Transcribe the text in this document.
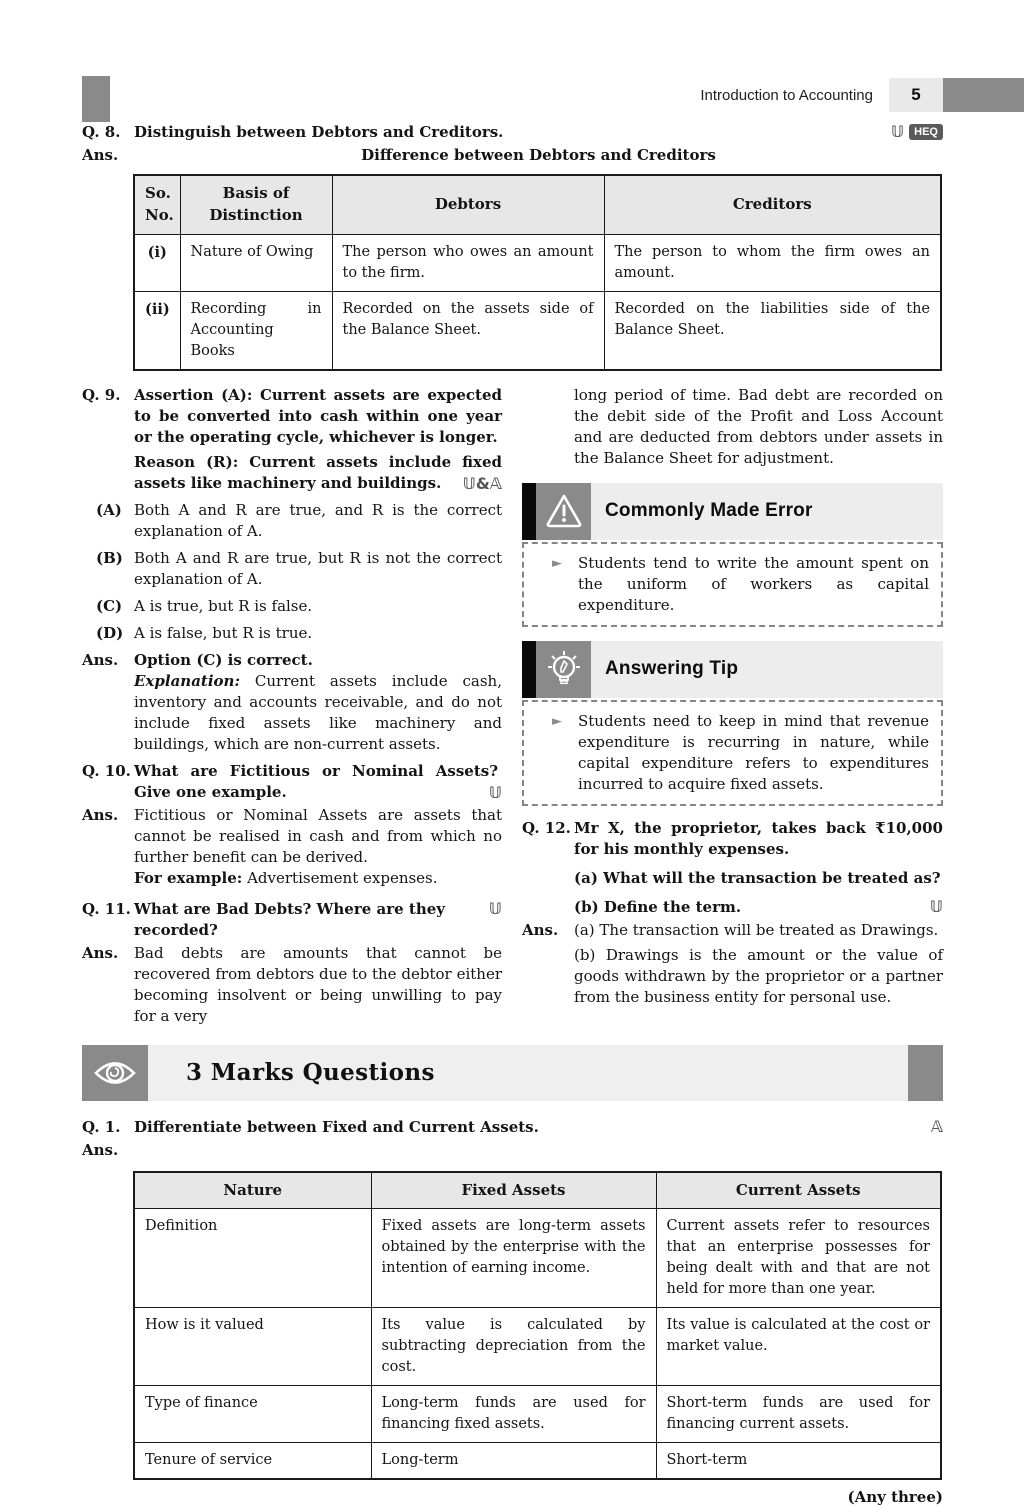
Introduction to Accounting	5
Q. 8. Distinguish between Debtors and Creditors.	𝕌 HEQ
Ans.	Difference between Debtors and Creditors
So. No.	Basis of Distinction	Debtors	Creditors
(i)	Nature of Owing	The person who owes an amount to the firm.	The person to whom the firm owes an amount.
(ii)	Recording in Accounting Books	Recorded on the assets side of the Balance Sheet.	Recorded on the liabilities side of the Balance Sheet.
Q. 9. Assertion (A): Current assets are expected to be converted into cash within one year or the operating cycle, whichever is longer.
Reason (R): Current assets include fixed assets like machinery and buildings. 𝕌&𝔸
(A) Both A and R are true, and R is the correct explanation of A.
(B) Both A and R are true, but R is not the correct explanation of A.
(C) A is true, but R is false.
(D) A is false, but R is true.
Ans.	Option (C) is correct.
Explanation: Current assets include cash, inventory and accounts receivable, and do not include fixed assets like machinery and buildings, which are non-current assets.
Q. 10. What are Fictitious or Nominal Assets? Give one example.	𝕌
Ans.	Fictitious or Nominal Assets are assets that cannot be realised in cash and from which no further benefit can be derived.
For example: Advertisement expenses.
Q. 11. What are Bad Debts? Where are they recorded?
𝕌
Ans.	Bad debts are amounts that cannot be recovered from debtors due to the debtor either becoming insolvent or being unwilling to pay for a very
long period of time. Bad debt are recorded on the debit side of the Profit and Loss Account and are deducted from debtors under assets in the Balance Sheet for adjustment.
Commonly Made Error
►	Students tend to write the amount spent on the uniform of workers as capital expenditure.
Answering Tip
►	Students need to keep in mind that revenue expenditure is recurring in nature, while capital expenditure refers to expenditures incurred to acquire fixed assets.
Q. 12. Mr X, the proprietor, takes back ₹10,000 for his monthly expenses.
(a) What will the transaction be treated as?
(b) Define the term.	𝕌
Ans.	(a) The transaction will be treated as Drawings.
(b) Drawings is the amount or the value of goods withdrawn by the proprietor or a partner from the business entity for personal use.
3 Marks Questions
Q. 1. Differentiate between Fixed and Current Assets.	𝔸
Ans.
Nature	Fixed Assets	Current Assets
Definition	Fixed assets are long-term assets obtained by the enterprise with the intention of earning income.	Current assets refer to resources that an enterprise possesses for being dealt with and that are not held for more than one year.
How is it valued	Its value is calculated by subtracting depreciation from the cost.	Its value is calculated at the cost or market value.
Type of finance	Long-term funds are used for financing fixed assets.	Short-term funds are used for financing current assets.
Tenure of service	Long-term	Short-term
(Any three)
